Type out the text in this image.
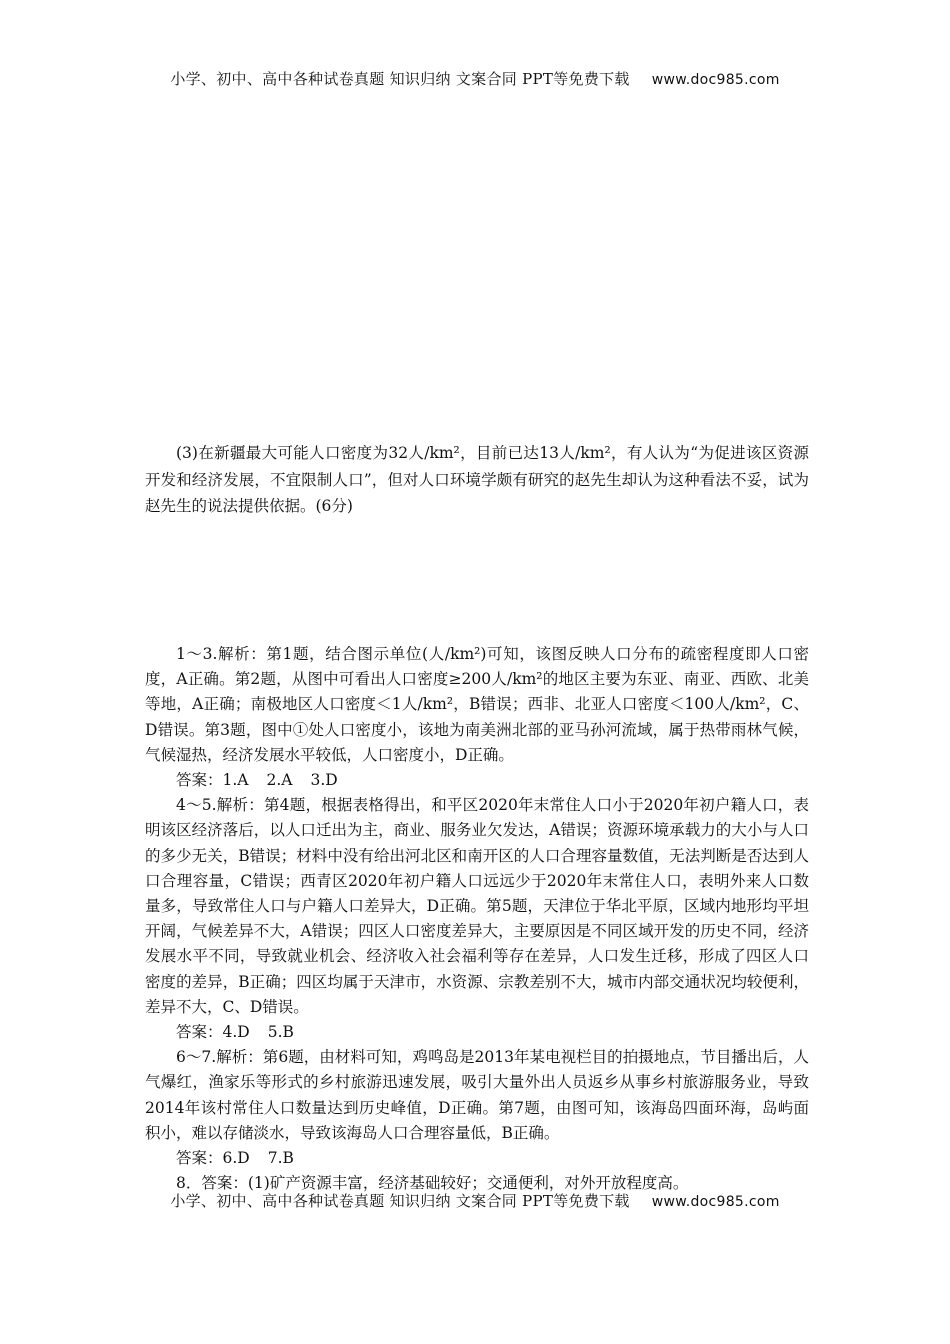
小学、初中、高中各种试卷真题 知识归纳 文案合同 PPT等免费下载 www.doc985.com

(3)在新疆最大可能人口密度为32人/km²，目前已达13人/km²，有人认为“为促进该区资源开发和经济发展，不宜限制人口”，但对人口环境学颇有研究的赵先生却认为这种看法不妥，试为赵先生的说法提供依据。(6分)

1～3.解析：第1题，结合图示单位(人/km²)可知，该图反映人口分布的疏密程度即人口密度，A正确。第2题，从图中可看出人口密度≥200人/km²的地区主要为东亚、南亚、西欧、北美等地，A正确；南极地区人口密度＜1人/km²，B错误；西非、北亚人口密度＜100人/km²，C、D错误。第3题，图中①处人口密度小，该地为南美洲北部的亚马孙河流域，属于热带雨林气候，气候湿热，经济发展水平较低，人口密度小，D正确。

答案：1.A 2.A 3.D

4～5.解析：第4题，根据表格得出，和平区2020年末常住人口小于2020年初户籍人口，表明该区经济落后，以人口迁出为主，商业、服务业欠发达，A错误；资源环境承载力的大小与人口的多少无关，B错误；材料中没有给出河北区和南开区的人口合理容量数值，无法判断是否达到人口合理容量，C错误；西青区2020年初户籍人口远远少于2020年末常住人口，表明外来人口数量多，导致常住人口与户籍人口差异大，D正确。第5题，天津位于华北平原，区域内地形均平坦开阔，气候差异不大，A错误；四区人口密度差异大，主要原因是不同区域开发的历史不同，经济发展水平不同，导致就业机会、经济收入社会福利等存在差异，人口发生迁移，形成了四区人口密度的差异，B正确；四区均属于天津市，水资源、宗教差别不大，城市内部交通状况均较便利，差异不大，C、D错误。

答案：4.D 5.B

6～7.解析：第6题，由材料可知，鸡鸣岛是2013年某电视栏目的拍摄地点，节目播出后，人气爆红，渔家乐等形式的乡村旅游迅速发展，吸引大量外出人员返乡从事乡村旅游服务业，导致2014年该村常住人口数量达到历史峰值，D正确。第7题，由图可知，该海岛四面环海，岛屿面积小，难以存储淡水，导致该海岛人口合理容量低，B正确。

答案：6.D 7.B

8．答案：(1)矿产资源丰富，经济基础较好；交通便利，对外开放程度高。

小学、初中、高中各种试卷真题 知识归纳 文案合同 PPT等免费下载 www.doc985.com
